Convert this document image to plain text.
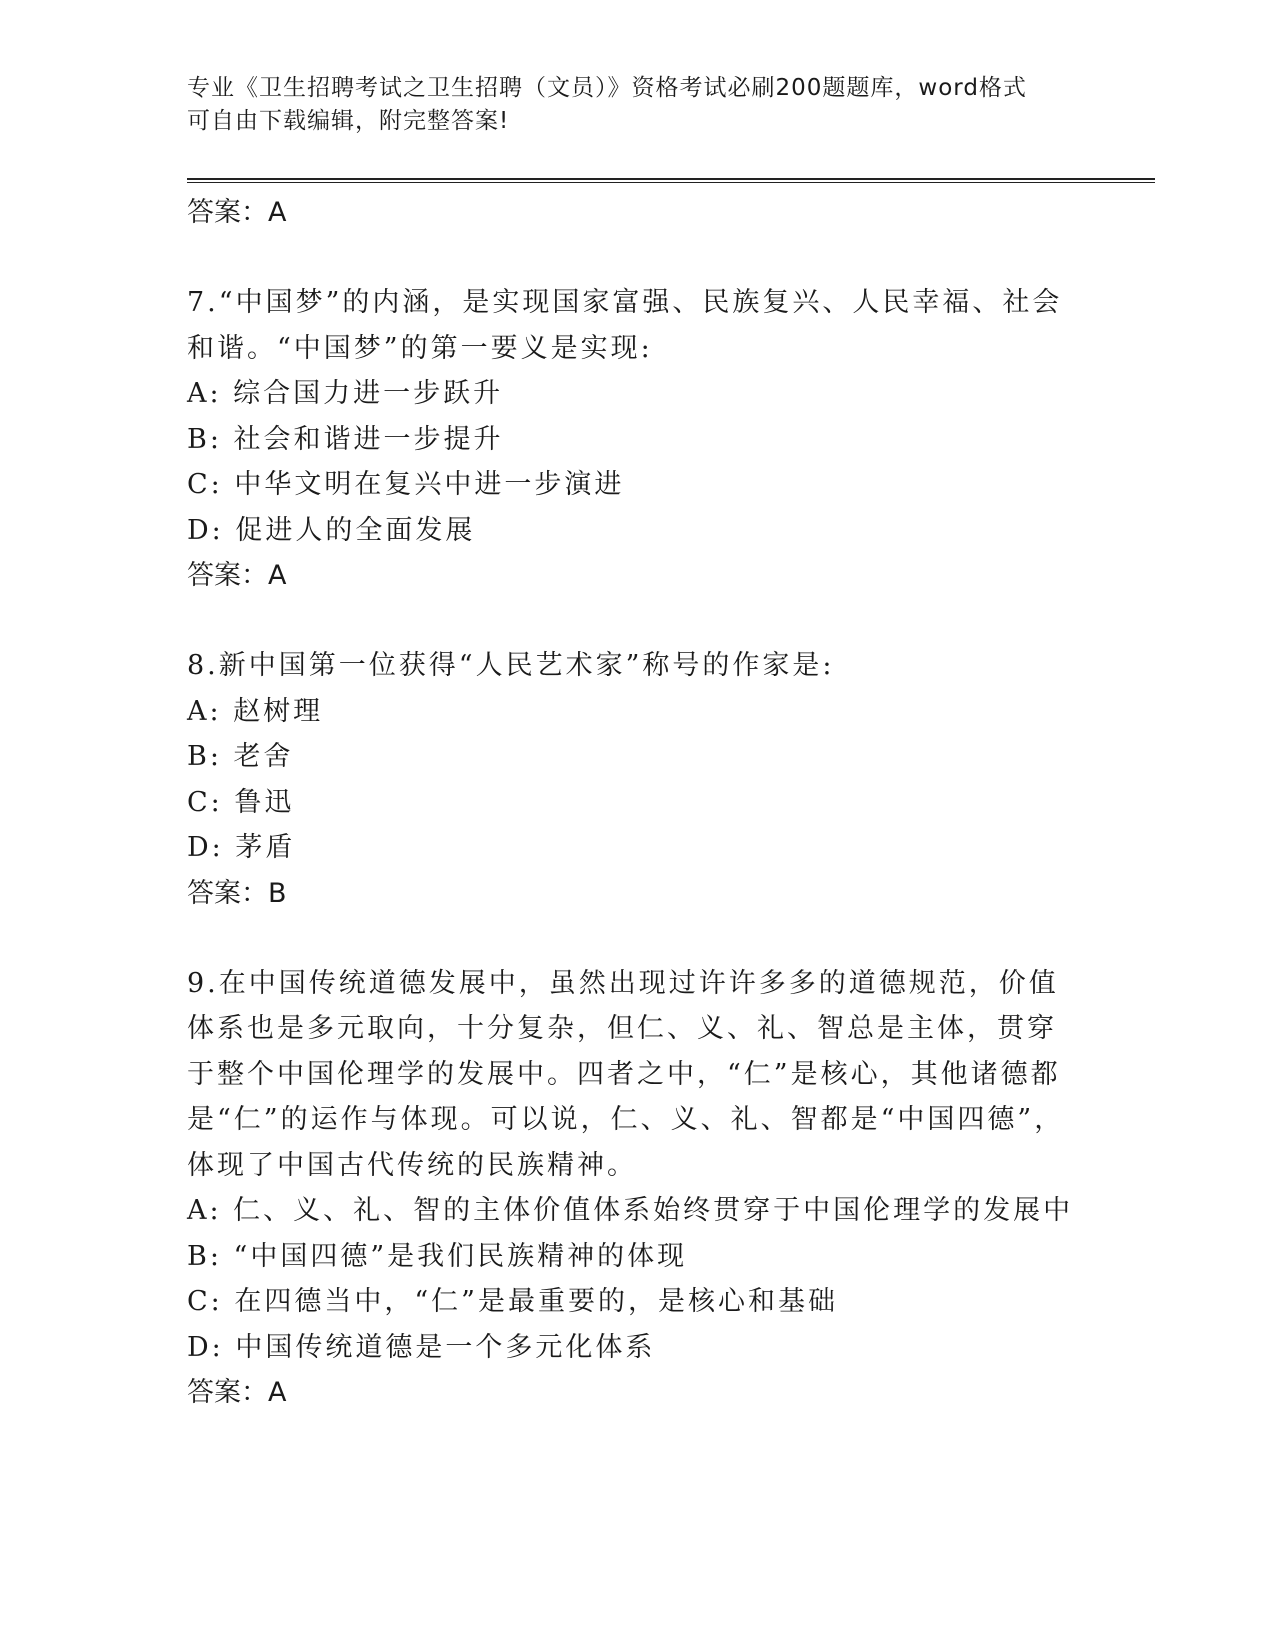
专业《卫生招聘考试之卫生招聘（文员）》资格考试必刷200题题库，word格式
可自由下载编辑，附完整答案!
答案：A

7.“中国梦”的内涵，是实现国家富强、民族复兴、人民幸福、社会和谐。“中国梦”的第一要义是实现:

A: 综合国力进一步跃升

B: 社会和谐进一步提升

C: 中华文明在复兴中进一步演进

D: 促进人的全面发展

答案：A

8.新中国第一位获得“人民艺术家”称号的作家是:

A: 赵树理

B: 老舍

C: 鲁迅

D: 茅盾

答案：B

9.在中国传统道德发展中，虽然出现过许许多多的道德规范，价值体系也是多元取向，十分复杂，但仁、义、礼、智总是主体，贯穿于整个中国伦理学的发展中。四者之中，“仁”是核心，其他诸德都是“仁”的运作与体现。可以说，仁、义、礼、智都是“中国四德”，体现了中国古代传统的民族精神。

A: 仁、义、礼、智的主体价值体系始终贯穿于中国伦理学的发展中

B: “中国四德”是我们民族精神的体现

C: 在四德当中，“仁”是最重要的，是核心和基础

D: 中国传统道德是一个多元化体系

答案：A
